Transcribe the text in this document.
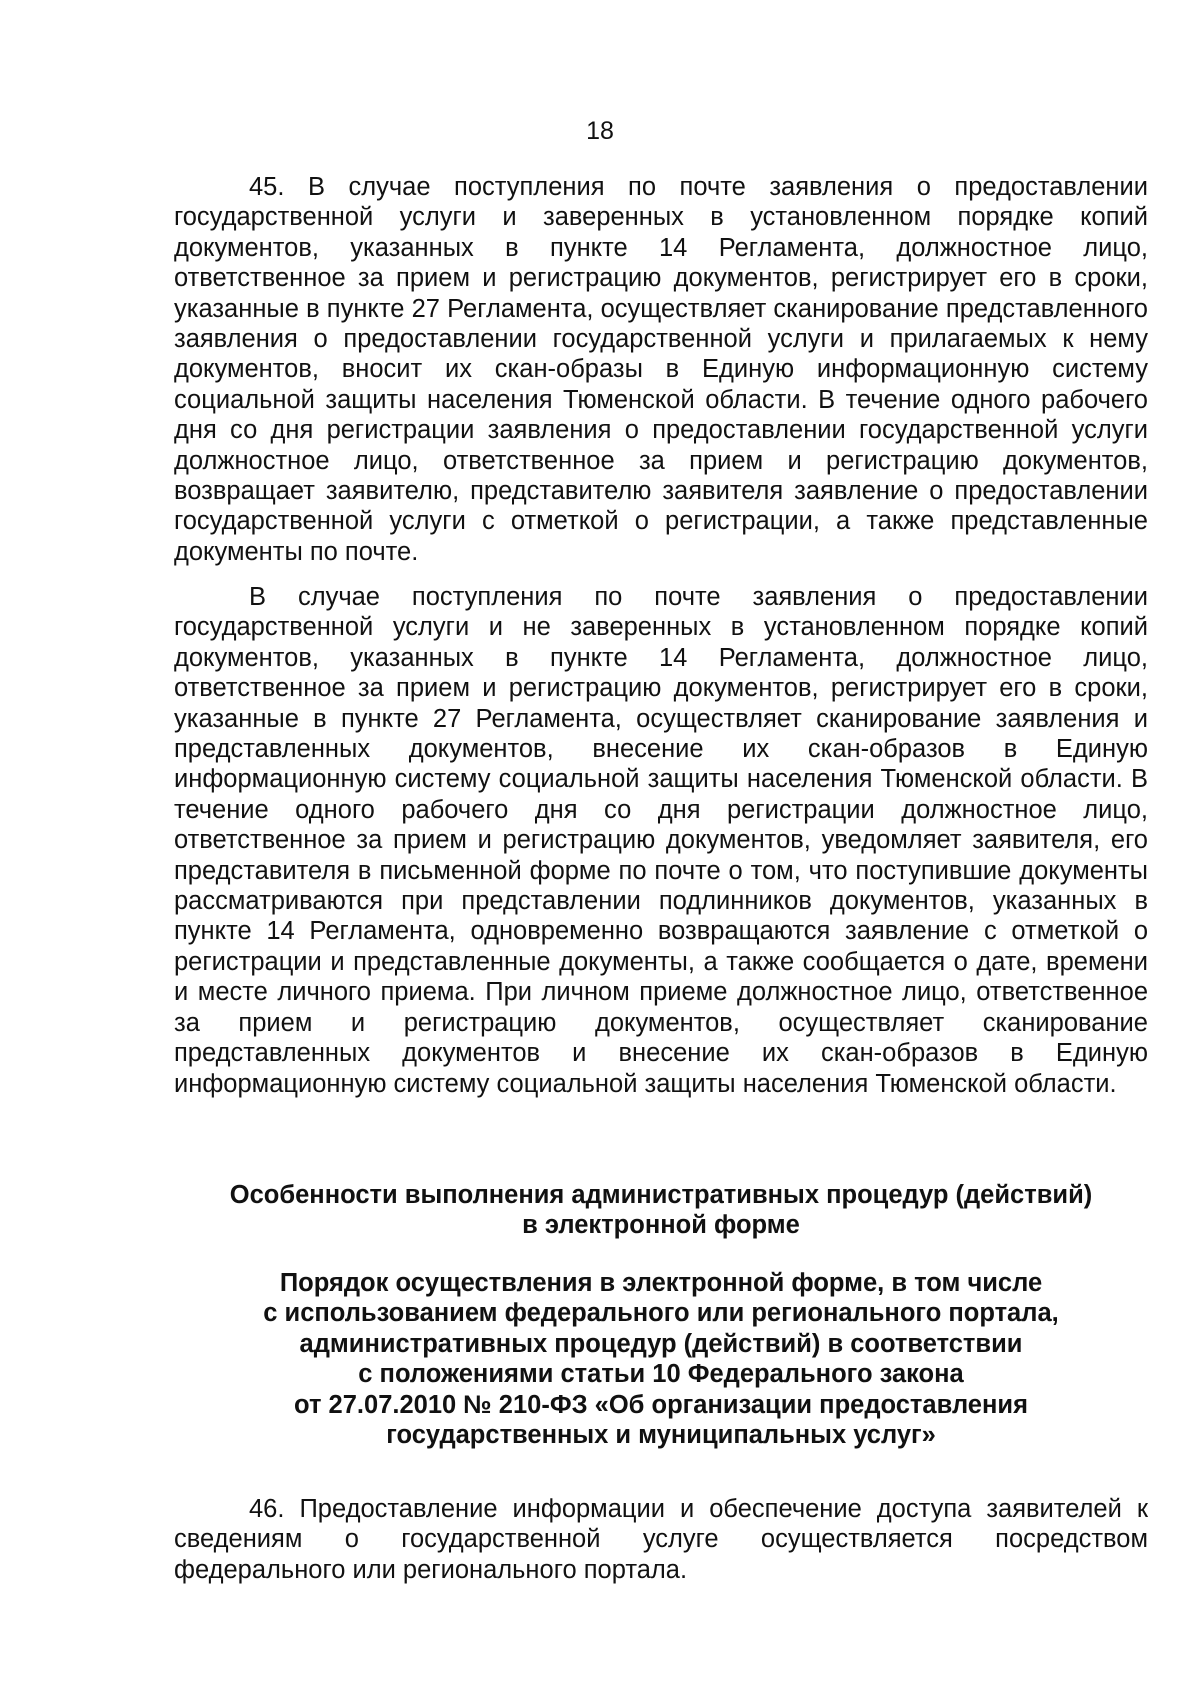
18

45. В случае поступления по почте заявления о предоставлении государственной услуги и заверенных в установленном порядке копий документов, указанных в пункте 14 Регламента, должностное лицо, ответственное за прием и регистрацию документов, регистрирует его в сроки, указанные в пункте 27 Регламента, осуществляет сканирование представленного заявления о предоставлении государственной услуги и прилагаемых к нему документов, вносит их скан-образы в Единую информационную систему социальной защиты населения Тюменской области. В течение одного рабочего дня со дня регистрации заявления о предоставлении государственной услуги должностное лицо, ответственное за прием и регистрацию документов, возвращает заявителю, представителю заявителя заявление о предоставлении государственной услуги с отметкой о регистрации, а также представленные документы по почте.

В случае поступления по почте заявления о предоставлении государственной услуги и не заверенных в установленном порядке копий документов, указанных в пункте 14 Регламента, должностное лицо, ответственное за прием и регистрацию документов, регистрирует его в сроки, указанные в пункте 27 Регламента, осуществляет сканирование заявления и представленных документов, внесение их скан-образов в Единую информационную систему социальной защиты населения Тюменской области. В течение одного рабочего дня со дня регистрации должностное лицо, ответственное за прием и регистрацию документов, уведомляет заявителя, его представителя в письменной форме по почте о том, что поступившие документы рассматриваются при представлении подлинников документов, указанных в пункте 14 Регламента, одновременно возвращаются заявление с отметкой о регистрации и представленные документы, а также сообщается о дате, времени и месте личного приема. При личном приеме должностное лицо, ответственное за прием и регистрацию документов, осуществляет сканирование представленных документов и внесение их скан-образов в Единую информационную систему социальной защиты населения Тюменской области.

Особенности выполнения административных процедур (действий)
в электронной форме
Порядок осуществления в электронной форме, в том числе
с использованием федерального или регионального портала,
административных процедур (действий) в соответствии
с положениями статьи 10 Федерального закона
от 27.07.2010 № 210-ФЗ «Об организации предоставления
государственных и муниципальных услуг»

46. Предоставление информации и обеспечение доступа заявителей к сведениям о государственной услуге осуществляется посредством федерального или регионального портала.
